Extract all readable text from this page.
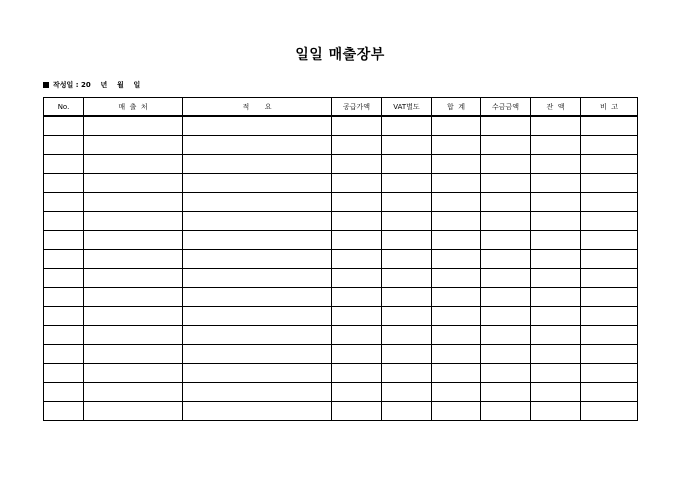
일일 매출장부
작성일 : 20    년    월    일
No.	매  출  처	적       요	공급가액	VAT별도	합  계	수금금액	잔  액	비  고
